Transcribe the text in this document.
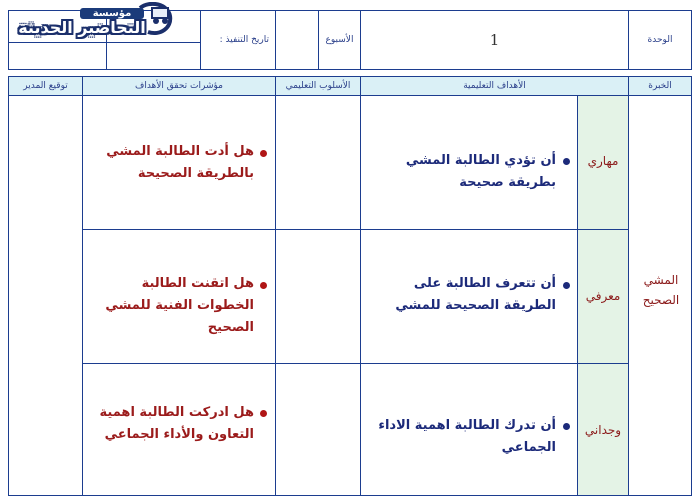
الوحدة
1
الأسبوع
تاريخ التنفيذ :
مؤسسة
التحاضير الحديثة
الخبرة
الأهداف التعليمية
الأسلوب التعليمي
مؤشرات تحقق الأهداف
توقيع المدير
المشي الصحيح
مهاري
أن تؤدي الطالبة المشي بطريقة صحيحة
هل أدت الطالبة المشي بالطريقة الصحيحة
معرفي
أن تتعرف الطالبة على الطريقة الصحيحة للمشي
هل اتقنت الطالبة الخطوات الفنية للمشي الصحيح
وجداني
أن تدرك الطالبة اهمية الاداء الجماعي
هل ادركت الطالبة اهمية التعاون والأداء الجماعي
